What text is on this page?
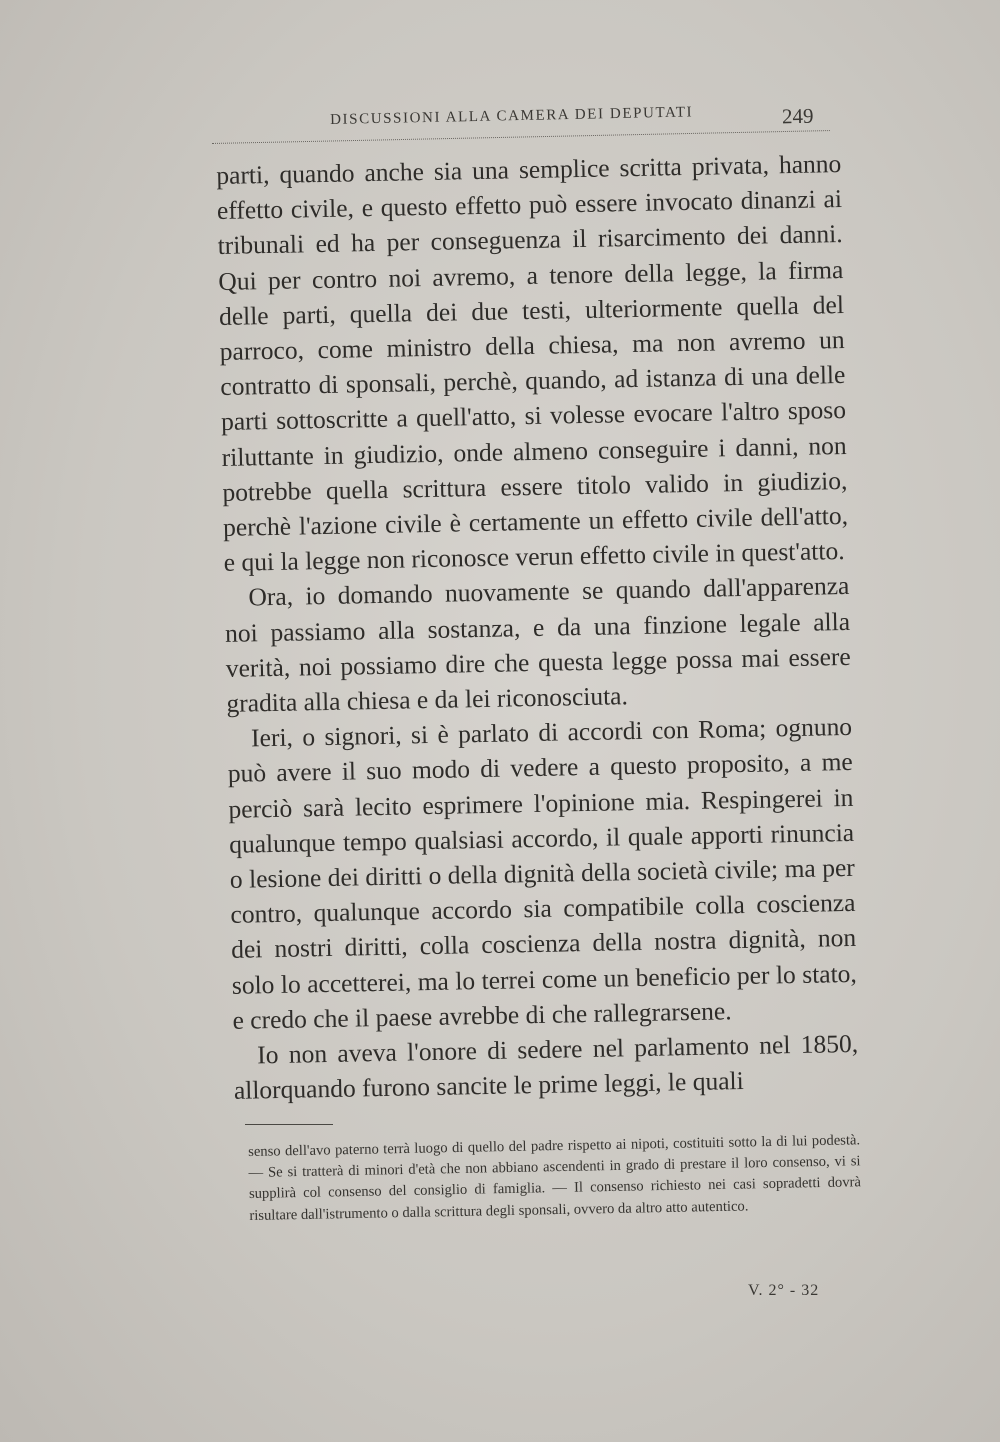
DISCUSSIONI ALLA CAMERA DEI DEPUTATI	249

parti, quando anche sia una semplice scritta privata, hanno effetto civile, e questo effetto può essere invocato dinanzi ai tribunali ed ha per conseguenza il risarcimento dei danni. Qui per contro noi avremo, a tenore della legge, la firma delle parti, quella dei due testi, ulteriormente quella del parroco, come ministro della chiesa, ma non avremo un contratto di sponsali, perchè, quando, ad istanza di una delle parti sottoscritte a quell'atto, si volesse evocare l'altro sposo riluttante in giudizio, onde almeno conseguire i danni, non potrebbe quella scrittura essere titolo valido in giudizio, perchè l'azione civile è certamente un effetto civile dell'atto, e qui la legge non riconosce verun effetto civile in quest'atto.

Ora, io domando nuovamente se quando dall'apparenza noi passiamo alla sostanza, e da una finzione legale alla verità, noi possiamo dire che questa legge possa mai essere gradita alla chiesa e da lei riconosciuta.

Ieri, o signori, si è parlato di accordi con Roma; ognuno può avere il suo modo di vedere a questo proposito, a me perciò sarà lecito esprimere l'opinione mia. Respingerei in qualunque tempo qualsiasi accordo, il quale apporti rinuncia o lesione dei diritti o della dignità della società civile; ma per contro, qualunque accordo sia compatibile colla coscienza dei nostri diritti, colla coscienza della nostra dignità, non solo lo accetterei, ma lo terrei come un beneficio per lo stato, e credo che il paese avrebbe di che rallegrarsene.

Io non aveva l'onore di sedere nel parlamento nel 1850, allorquando furono sancite le prime leggi, le quali

senso dell'avo paterno terrà luogo di quello del padre rispetto ai nipoti, costituiti sotto la di lui podestà. — Se si tratterà di minori d'età che non abbiano ascendenti in grado di prestare il loro consenso, vi si supplirà col consenso del consiglio di famiglia. — Il consenso richiesto nei casi sopradetti dovrà risultare dall'istrumento o dalla scrittura degli sponsali, ovvero da altro atto autentico.
V. 2° - 32
